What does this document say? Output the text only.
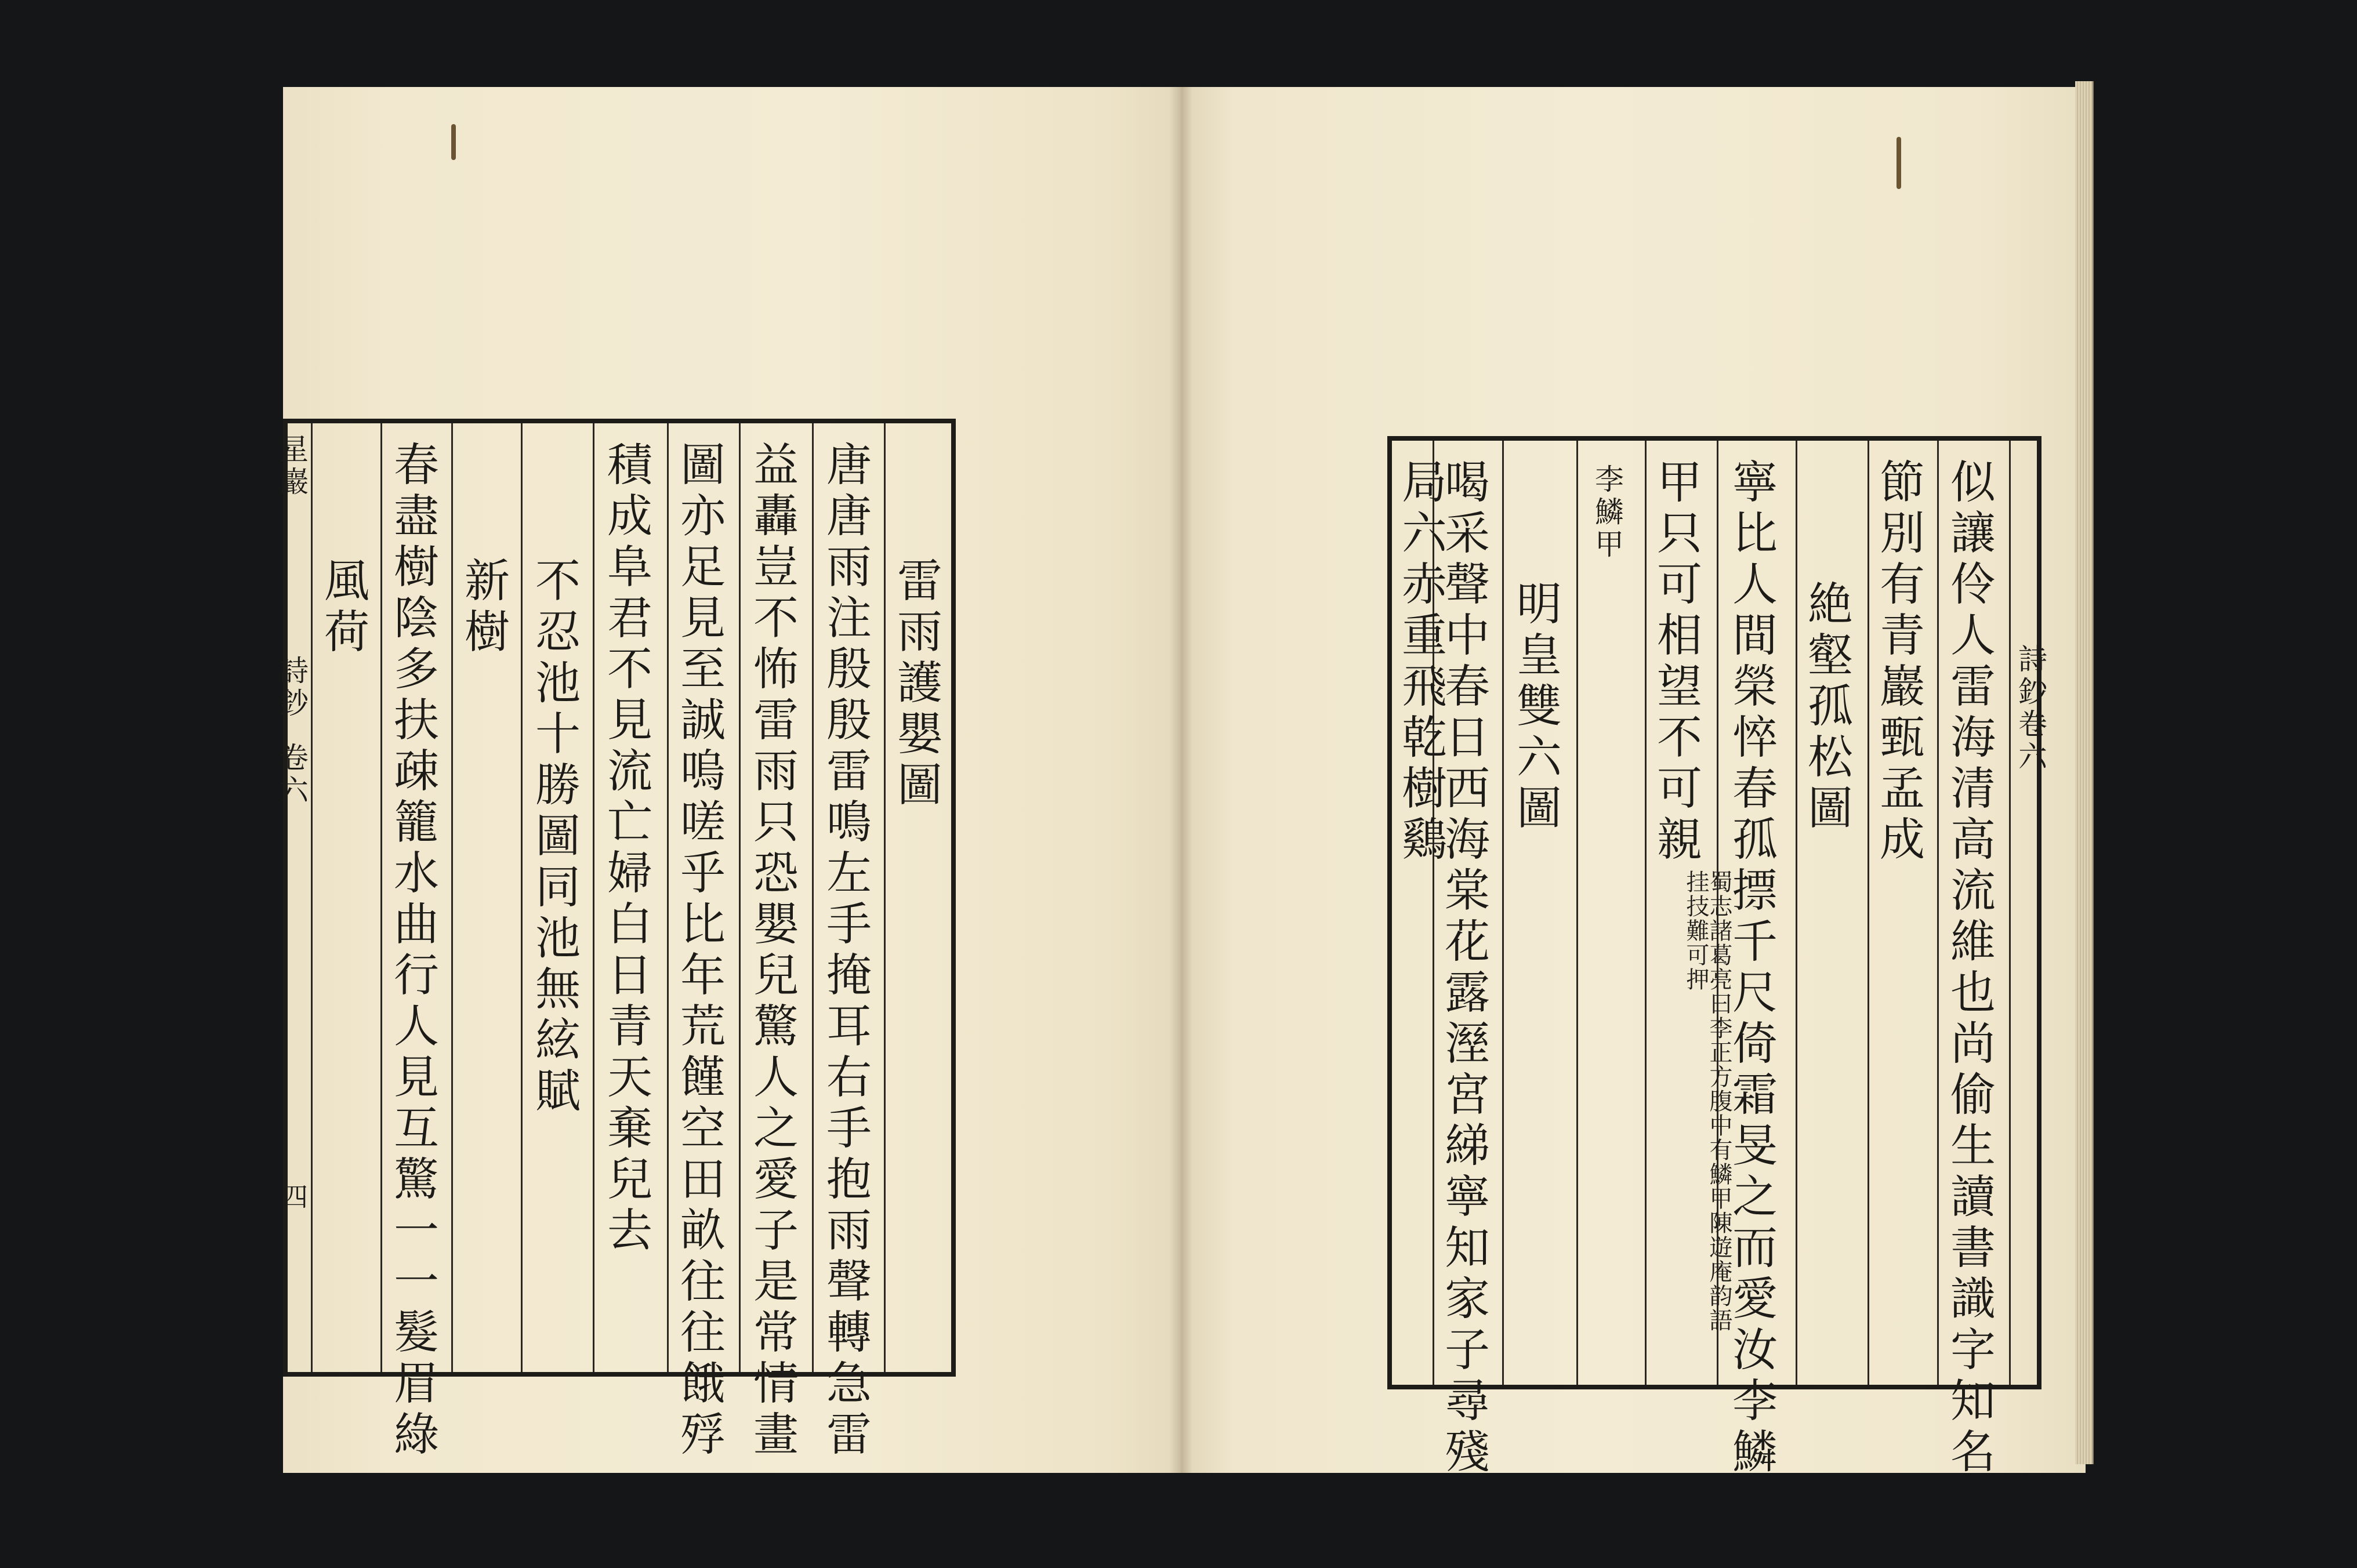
星巖
詩鈔
卷六
四
雷雨護嬰圖
唐唐雨注殷殷雷鳴左手掩耳右手抱雨聲轉急雷
益轟豈不怖雷雨只恐嬰兒驚人之愛子是常情畫
圖亦足見至誠嗚嗟乎比年荒饉空田畝往往餓殍
積成阜君不見流亡婦白日青天棄兒去
不忍池十勝圖同池無絃賦
新樹
春盡樹陰多扶疎籠水曲行人見互驚一一髮眉綠
風荷
詩鈔卷六
似讓伶人雷海清高流維也尚偷生讀書識字知名
節別有青巖甄孟成
絶壑孤松圖
寧比人間榮悴春孤摽千尺倚霜旻之而愛汝李鱗
甲只可相望不可親
蜀志諸葛亮曰李正方腹中有鱗甲陳遊庵韵語挂技難可押
李鱗甲
明皇雙六圖
喝采聲中春日西海棠花露溼宮綈寧知家子尋殘
局六赤重飛乾樹鷄
